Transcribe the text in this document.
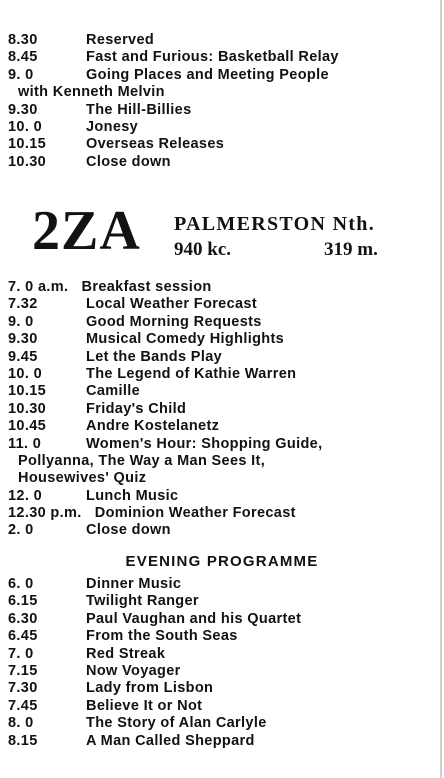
8.30	Reserved
8.45	Fast and Furious: Basketball Relay
9. 0	Going Places and Meeting People
with Kenneth Melvin
9.30	The Hill-Billies
10. 0	Jonesy
10.15	Overseas Releases
10.30	Close down
2ZA PALMERSTON Nth.
940 kc.	319 m.
7. 0 a.m. Breakfast session
7.32	Local Weather Forecast
9. 0	Good Morning Requests
9.30	Musical Comedy Highlights
9.45	Let the Bands Play
10. 0	The Legend of Kathie Warren
10.15	Camille
10.30	Friday's Child
10.45	Andre Kostelanetz
11. 0	Women's Hour: Shopping Guide,
Pollyanna, The Way a Man Sees It,
Housewives' Quiz
12. 0	Lunch Music
12.30 p.m. Dominion Weather Forecast
2. 0	Close down
EVENING PROGRAMME
6. 0	Dinner Music
6.15	Twilight Ranger
6.30	Paul Vaughan and his Quartet
6.45	From the South Seas
7. 0	Red Streak
7.15	Now Voyager
7.30	Lady from Lisbon
7.45	Believe It or Not
8. 0	The Story of Alan Carlyle
8.15	A Man Called Sheppard
